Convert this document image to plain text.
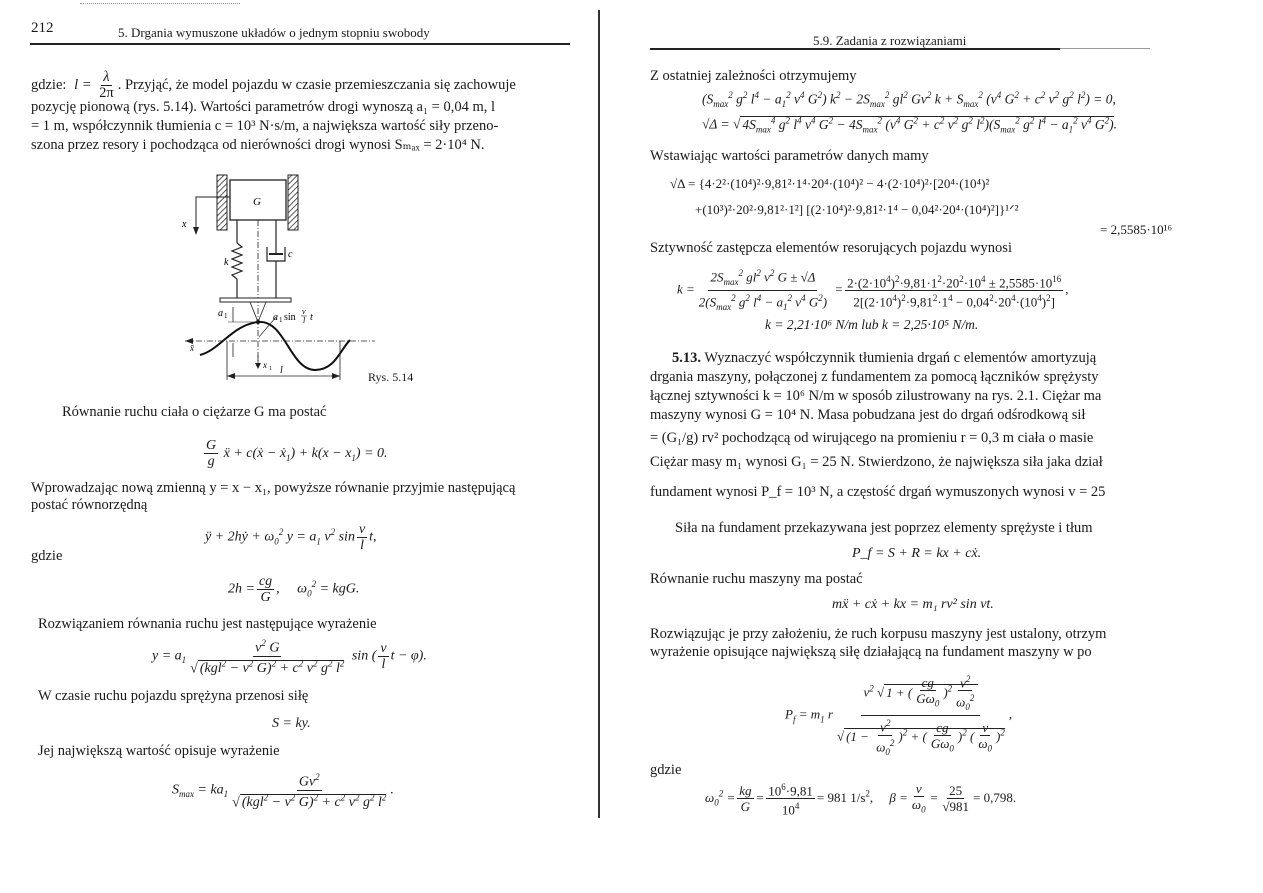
212	5. Drgania wymuszone układów o jednym stopniu swobody
gdzie: $l = \frac{\lambda}{2\pi}$ . Przyjąć, że model pojazdu w czasie przemieszczania się zachowuje
pozycję pionową (rys. 5.14). Wartości parametrów drogi wynoszą a₁ = 0,04 m, l
= 1 m, współczynnik tłumienia c = 10³ N·s/m, a największa wartość siły przeno-
szona przez resory i pochodząca od nierówności drogi wynosi Sₘₐₓ = 2·10⁴ N.
G
x
k
c
x̄
a 1	a 1 sin
v
l t
x 1 l	Rys. 5.14
Równanie ruchu ciała o ciężarze G ma postać
$\frac{G}{g}$ ẍ + c(ẋ − ẋ$_1$) + $k(x - x_1) = 0$.
Wprowadzając nową zmienną y = x − x₁, powyższe równanie przyjmie następującą
postać równorzędną
ÿ + 2hẏ + $\omega_0^2$ $y = a_1$ $v^2$ $\sin \frac{v}{l} t$,
gdzie
$2h = \frac{cg}{G}$ ,     $\omega_0^2$ = kgG.
Rozwiązaniem równania ruchu jest następujące wyrażenie
$y = a_1 \frac{v^2 G}{√ (kgl^2 - v^2 G)^2 + c^2 v^2 g^2 l^2}$ sin ( $\frac{v}{l}$ t − φ).
W czasie ruchu pojazdu sprężyna przenosi siłę
S = ky.
Jej największą wartość opisuje wyrażenie
$S_{max} = ka_1 \frac{Gv^2}{√ (kgl^2 - v^2 G)^2 + c^2 v^2 g^2 l^2}$ .
5.9. Zadania z rozwiązaniami
Z ostatniej zależności otrzymujemy
($S_{max}^2$ $g^2$ $l^4 - a_1^2$ $v^4$ $G^2$) $k^2 - 2S_{max}^2$ $gl^2$ Gv$^2$ $k + S_{max}^2$ ($v^4$ $G^2 + c^2$ $v^2$ $g^2$ $l^2) = 0$,
√Δ = √ $4S_{max}^4$ $g^2$ $l^4$ $v^4$ $G^2 - 4S_{max}^2$ ($v^4$ $G^2 + c^2$ $v^2$ $g^2$ $l^2)(S_{max}^2$ $g^2$ $l^4 - a_1^2$ $v^4$ $G^2$).
Wstawiając wartości parametrów danych mamy
√Δ = {4·2²·(10⁴)²·9,81²·1⁴·20⁴·(10⁴)² − 4·(2·10⁴)²·[20⁴·(10⁴)²
+(10³)²·20²·9,81²·1²] [(2·10⁴)²·9,81²·1⁴ − 0,04²·20⁴·(10⁴)²]}¹ᐟ²
= 2,5585·10¹⁶
Sztywność zastępcza elementów resorujących pojazdu wynosi
$k = \frac{2S_{max}^2 gl^2 v^2 G \pm √\Delta}{2(S_{max}^2 g^2 l^4 - a_1^2 v^4 G^2)} = \frac{2\cdot(2\cdot 10^4)^2\cdot 9,81\cdot 1^2\cdot 20^2\cdot 10^4 \pm 2,5585\cdot 10^{16}}{2[(2\cdot 10^4)^2\cdot 9,81^2\cdot 1^4 - 0,04^2\cdot 20^4\cdot(10^4)^2]}$ ,
k = 2,21·10⁶ N/m lub k = 2,25·10⁵ N/m.
5.13. Wyznaczyć współczynnik tłumienia drgań c elementów amortyzują
drgania maszyny, połączonej z fundamentem za pomocą łączników sprężysty
łącznej sztywności k = 10⁶ N/m w sposób zilustrowany na rys. 2.1. Ciężar ma
maszyny wynosi G = 10⁴ N. Masa pobudzana jest do drgań odśrodkową sił
= (G₁/g) rv² pochodzącą od wirującego na promieniu r = 0,3 m ciała o masie
Ciężar masy m₁ wynosi G₁ = 25 N. Stwierdzono, że największa siła jaka dział
fundament wynosi P_f = 10³ N, a częstość drgań wymuszonych wynosi v = 25
Siła na fundament przekazywana jest poprzez elementy sprężyste i tłum
P_f = S + R = kx + cẋ.
Równanie ruchu maszyny ma postać
mẍ + cẋ + kx = m₁ rv² sin vt.
Rozwiązując je przy założeniu, że ruch korpusu maszyny jest ustalony, otrzym
wyrażenie opisujące największą siłę działającą na fundament maszyny w po
$P_f = m_1$ r $\frac{v^2 √ 1 + ( \frac{cg}{G\omega_0} )^2 \frac{v^2}{\omega_0^2}}{√ (1 - \frac{v^2}{\omega_0^2} )^2 + ( \frac{cg}{G\omega_0} )^2 ( \frac{v}{\omega_0} )^2}$ ,
gdzie
$\omega_0^2 = \frac{kg}{G} = \frac{10^6\cdot 9,81}{10^4} = 981$ $1/s^2$,     $\beta = \frac{v}{\omega_0} = \frac{25}{√981} = 0,798$.
